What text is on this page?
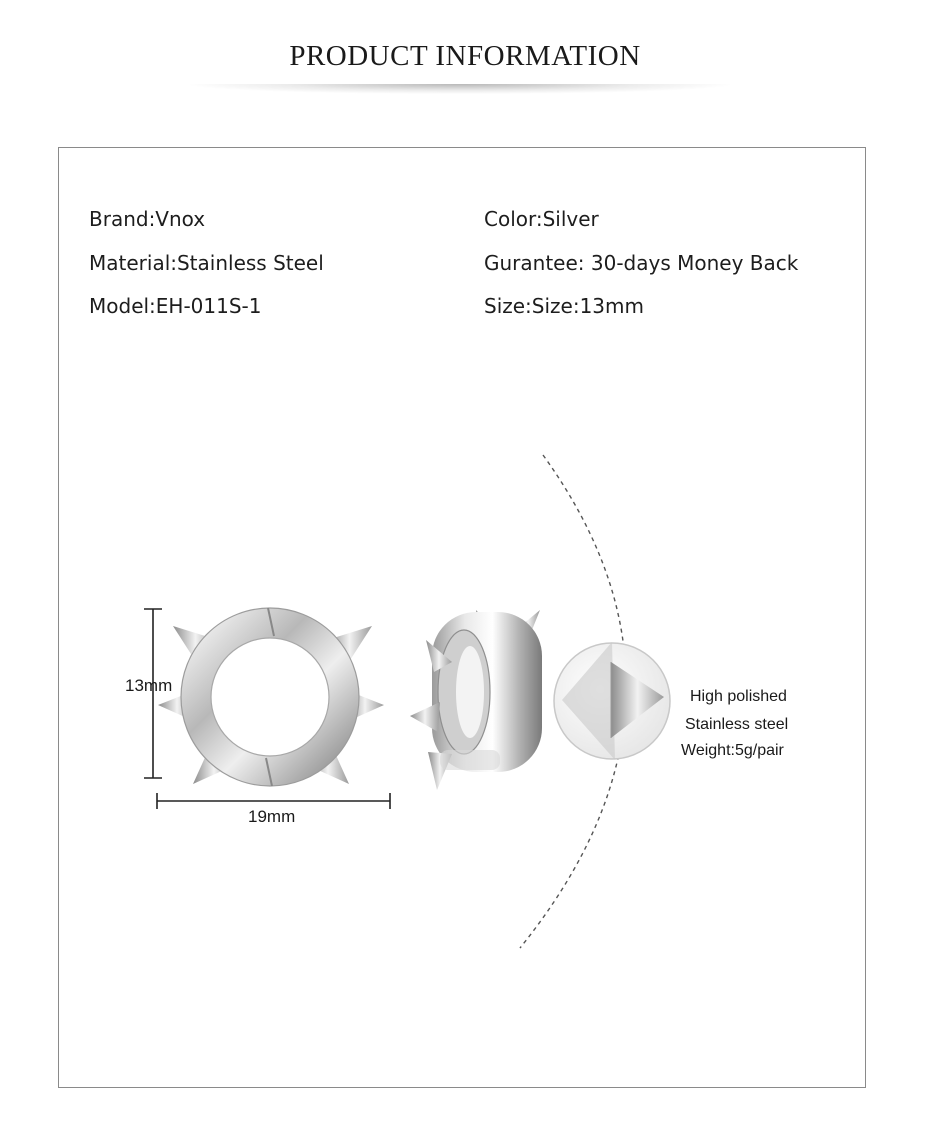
PRODUCT INFORMATION
Brand:Vnox
Material:Stainless Steel
Model:EH-011S-1
Color:Silver
Gurantee: 30-days Money Back
Size:Size:13mm
13mm
19mm
High polished
Stainless steel
Weight:5g/pair
